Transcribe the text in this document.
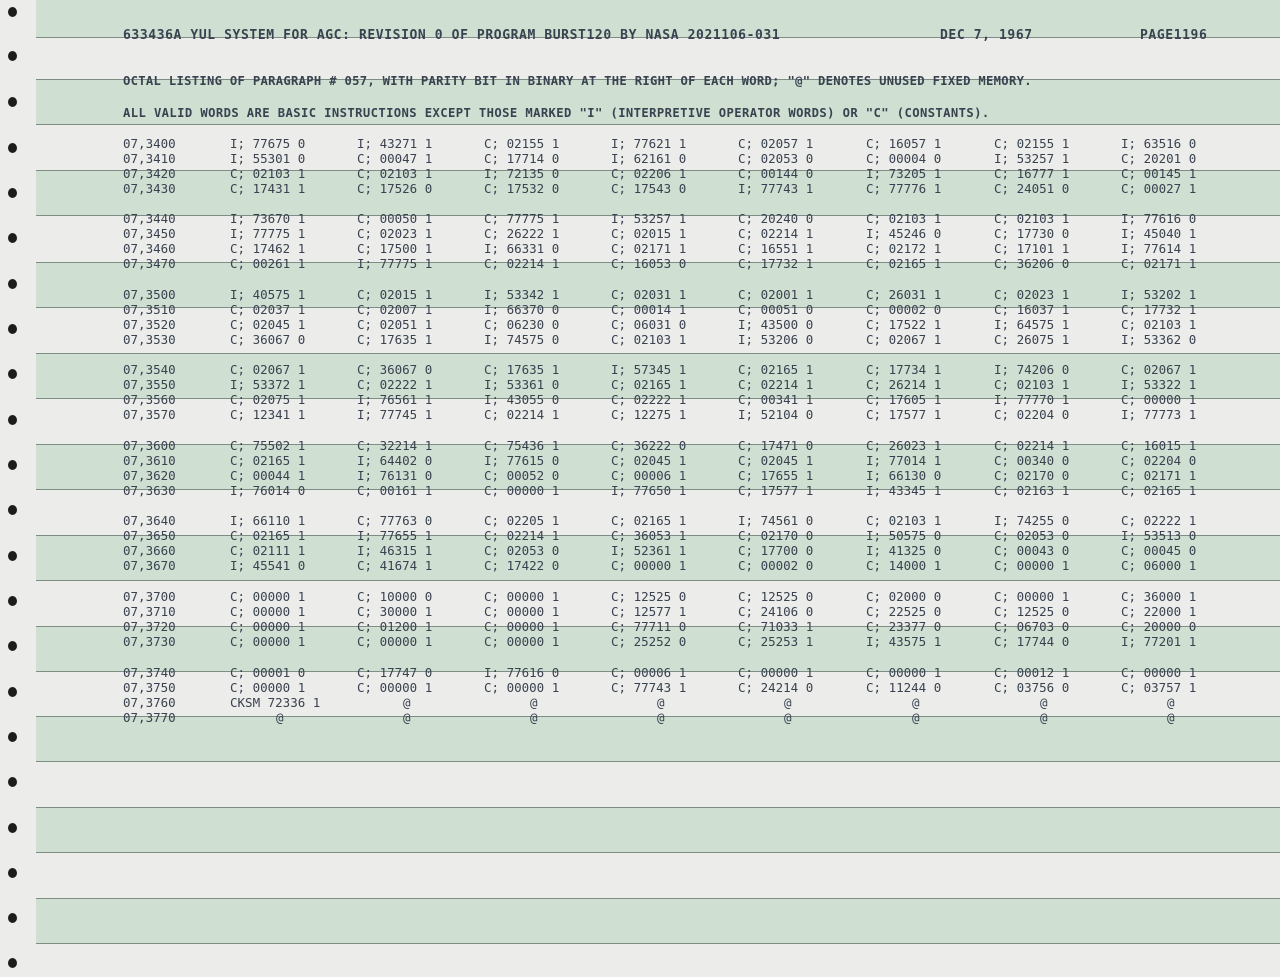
633436A YUL SYSTEM FOR AGC: REVISION 0 OF PROGRAM BURST120 BY NASA 2021106-031	DEC 7, 1967	PAGE1196
OCTAL LISTING OF PARAGRAPH # 057, WITH PARITY BIT IN BINARY AT THE RIGHT OF EACH WORD; "@" DENOTES UNUSED FIXED MEMORY.
ALL VALID WORDS ARE BASIC INSTRUCTIONS EXCEPT THOSE MARKED "I" (INTERPRETIVE OPERATOR WORDS) OR "C" (CONSTANTS).
07,3400	I; 77675 0	I; 43271 1	C; 02155 1	I; 77621 1	C; 02057 1	C; 16057 1	C; 02155 1	I; 63516 0
07,3410	I; 55301 0	C; 00047 1	C; 17714 0	I; 62161 0	C; 02053 0	C; 00004 0	I; 53257 1	C; 20201 0
07,3420	C; 02103 1	C; 02103 1	I; 72135 0	C; 02206 1	C; 00144 0	I; 73205 1	C; 16777 1	C; 00145 1
07,3430	C; 17431 1	C; 17526 0	C; 17532 0	C; 17543 0	I; 77743 1	C; 77776 1	C; 24051 0	C; 00027 1
07,3440	I; 73670 1	C; 00050 1	C; 77775 1	I; 53257 1	C; 20240 0	C; 02103 1	C; 02103 1	I; 77616 0
07,3450	I; 77775 1	C; 02023 1	C; 26222 1	C; 02015 1	C; 02214 1	I; 45246 0	C; 17730 0	I; 45040 1
07,3460	C; 17462 1	C; 17500 1	I; 66331 0	C; 02171 1	C; 16551 1	C; 02172 1	C; 17101 1	I; 77614 1
07,3470	C; 00261 1	I; 77775 1	C; 02214 1	C; 16053 0	C; 17732 1	C; 02165 1	C; 36206 0	C; 02171 1
07,3500	I; 40575 1	C; 02015 1	I; 53342 1	C; 02031 1	C; 02001 1	C; 26031 1	C; 02023 1	I; 53202 1
07,3510	C; 02037 1	C; 02007 1	I; 66370 0	C; 00014 1	C; 00051 0	C; 00002 0	C; 16037 1	C; 17732 1
07,3520	C; 02045 1	C; 02051 1	C; 06230 0	C; 06031 0	I; 43500 0	C; 17522 1	I; 64575 1	C; 02103 1
07,3530	C; 36067 0	C; 17635 1	I; 74575 0	C; 02103 1	I; 53206 0	C; 02067 1	C; 26075 1	I; 53362 0
07,3540	C; 02067 1	C; 36067 0	C; 17635 1	I; 57345 1	C; 02165 1	C; 17734 1	I; 74206 0	C; 02067 1
07,3550	I; 53372 1	C; 02222 1	I; 53361 0	C; 02165 1	C; 02214 1	C; 26214 1	C; 02103 1	I; 53322 1
07,3560	C; 02075 1	I; 76561 1	I; 43055 0	C; 02222 1	C; 00341 1	C; 17605 1	I; 77770 1	C; 00000 1
07,3570	C; 12341 1	I; 77745 1	C; 02214 1	C; 12275 1	I; 52104 0	C; 17577 1	C; 02204 0	I; 77773 1
07,3600	C; 75502 1	C; 32214 1	C; 75436 1	C; 36222 0	C; 17471 0	C; 26023 1	C; 02214 1	C; 16015 1
07,3610	C; 02165 1	I; 64402 0	I; 77615 0	C; 02045 1	C; 02045 1	I; 77014 1	C; 00340 0	C; 02204 0
07,3620	C; 00044 1	I; 76131 0	C; 00052 0	C; 00006 1	C; 17655 1	I; 66130 0	C; 02170 0	C; 02171 1
07,3630	I; 76014 0	C; 00161 1	C; 00000 1	I; 77650 1	C; 17577 1	I; 43345 1	C; 02163 1	C; 02165 1
07,3640	I; 66110 1	C; 77763 0	C; 02205 1	C; 02165 1	I; 74561 0	C; 02103 1	I; 74255 0	C; 02222 1
07,3650	C; 02165 1	I; 77655 1	C; 02214 1	C; 36053 1	C; 02170 0	I; 50575 0	C; 02053 0	I; 53513 0
07,3660	C; 02111 1	I; 46315 1	C; 02053 0	I; 52361 1	C; 17700 0	I; 41325 0	C; 00043 0	C; 00045 0
07,3670	I; 45541 0	C; 41674 1	C; 17422 0	C; 00000 1	C; 00002 0	C; 14000 1	C; 00000 1	C; 06000 1
07,3700	C; 00000 1	C; 10000 0	C; 00000 1	C; 12525 0	C; 12525 0	C; 02000 0	C; 00000 1	C; 36000 1
07,3710	C; 00000 1	C; 30000 1	C; 00000 1	C; 12577 1	C; 24106 0	C; 22525 0	C; 12525 0	C; 22000 1
07,3720	C; 00000 1	C; 01200 1	C; 00000 1	C; 77711 0	C; 71033 1	C; 23377 0	C; 06703 0	C; 20000 0
07,3730	C; 00000 1	C; 00000 1	C; 00000 1	C; 25252 0	C; 25253 1	I; 43575 1	C; 17744 0	I; 77201 1
07,3740	C; 00001 0	C; 17747 0	I; 77616 0	C; 00006 1	C; 00000 1	C; 00000 1	C; 00012 1	C; 00000 1
07,3750	C; 00000 1	C; 00000 1	C; 00000 1	C; 77743 1	C; 24214 0	C; 11244 0	C; 03756 0	C; 03757 1
07,3760	CKSM 72336 1	@	@	@	@	@	@	@
07,3770	@	@	@	@	@	@	@	@
